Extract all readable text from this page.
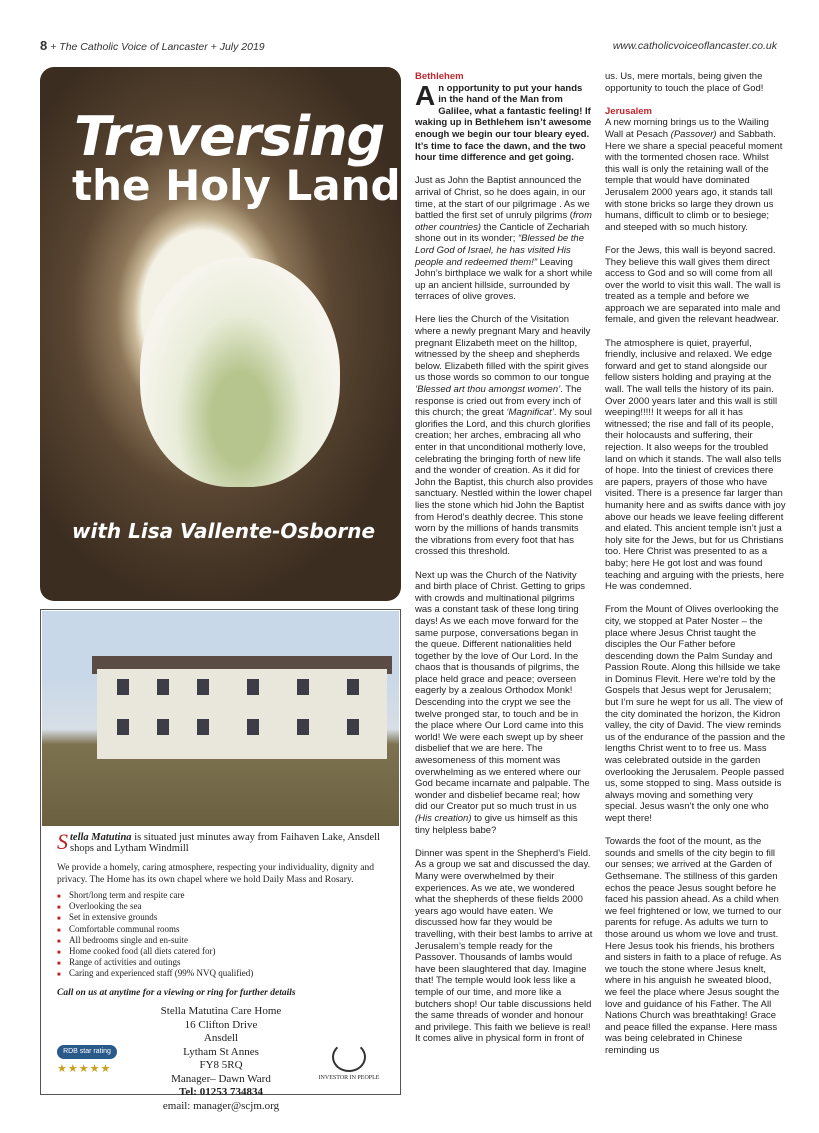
8 + The Catholic Voice of Lancaster + July 2019	www.catholicvoiceoflancaster.co.uk
Traversing
the Holy Land
with Lisa Vallente-Osborne
Stella Matutina is situated just minutes away from Faihaven Lake, Ansdell shops and Lytham Windmill
We provide a homely, caring atmosphere, respecting your individuality, dignity and privacy. The Home has its own chapel where we hold Daily Mass and Rosary.
■ Short/long term and respite care
■ Overlooking the sea
■ Set in extensive grounds
■ Comfortable communal rooms
■ All bedrooms single and en-suite
■ Home cooked food (all diets catered for)
■ Range of activities and outings
■ Caring and experienced staff (99% NVQ qualified)
Call on us at anytime for a viewing or ring for further details
Stella Matutina Care Home
16 Clifton Drive
Ansdell
Lytham St Annes
FY8 5RQ
Manager– Dawn Ward
Tel: 01253 734834
email: manager@scjm.org
RDB star rating
★★★★★
INVESTOR IN PEOPLE
Bethlehem

An opportunity to put your hands in the hand of the Man from Galilee, what a fantastic feeling! If waking up in Bethlehem isn’t awesome enough we begin our tour bleary eyed. It’s time to face the dawn, and the two hour time difference and get going.

Just as John the Baptist announced the arrival of Christ, so he does again, in our time, at the start of our pilgrimage . As we battled the first set of unruly pilgrims (from other countries) the Canticle of Zechariah shone out in its wonder; “Blessed be the Lord God of Israel, he has visited His people and redeemed them!” Leaving John’s birthplace we walk for a short while up an ancient hillside, surrounded by terraces of olive groves.

Here lies the Church of the Visitation where a newly pregnant Mary and heavily pregnant Elizabeth meet on the hilltop, witnessed by the sheep and shepherds below. Elizabeth filled with the spirit gives us those words so common to our tongue ‘Blessed art thou amongst women’. The response is cried out from every inch of this church; the great ‘Magnificat’. My soul glorifies the Lord, and this church glorifies creation; her arches, embracing all who enter in that unconditional motherly love, celebrating the bringing forth of new life and the wonder of creation. As it did for John the Baptist, this church also provides sanctuary. Nestled within the lower chapel lies the stone which hid John the Baptist from Herod’s deathly decree. This stone worn by the millions of hands transmits the vibrations from every foot that has crossed this threshold.

Next up was the Church of the Nativity and birth place of Christ. Getting to grips with crowds and multinational pilgrims was a constant task of these long tiring days! As we each move forward for the same purpose, conversations began in the queue. Different nationalities held together by the love of Our Lord. In the chaos that is thousands of pilgrims, the place held grace and peace; overseen eagerly by a zealous Orthodox Monk! Descending into the crypt we see the twelve pronged star, to touch and be in the place where Our Lord came into this world! We were each swept up by sheer disbelief that we are here. The awesomeness of this moment was overwhelming as we entered where our God became incarnate and palpable. The wonder and disbelief became real; how did our Creator put so much trust in us (His creation) to give us himself as this tiny helpless babe?

Dinner was spent in the Shepherd’s Field. As a group we sat and discussed the day. Many were overwhelmed by their experiences. As we ate, we wondered what the shepherds of these fields 2000 years ago would have eaten. We discussed how far they would be travelling, with their best lambs to arrive at Jerusalem’s temple ready for the Passover. Thousands of lambs would have been slaughtered that day. Imagine that! The temple would look less like a temple of our time, and more like a butchers shop! Our table discussions held the same threads of wonder and honour and privilege. This faith we believe is real! It comes alive in physical form in front of

us. Us, mere mortals, being given the opportunity to touch the place of God!

Jerusalem

A new morning brings us to the Wailing Wall at Pesach (Passover) and Sabbath. Here we share a special peaceful moment with the tormented chosen race. Whilst this wall is only the retaining wall of the temple that would have dominated Jerusalem 2000 years ago, it stands tall with stone bricks so large they drown us humans, difficult to climb or to besiege; and steeped with so much history.

For the Jews, this wall is beyond sacred. They believe this wall gives them direct access to God and so will come from all over the world to visit this wall. The wall is treated as a temple and before we approach we are separated into male and female, and given the relevant headwear.

The atmosphere is quiet, prayerful, friendly, inclusive and relaxed. We edge forward and get to stand alongside our fellow sisters holding and praying at the wall. The wall tells the history of its pain. Over 2000 years later and this wall is still weeping!!!!! It weeps for all it has witnessed; the rise and fall of its people, their holocausts and suffering, their rejection. It also weeps for the troubled land on which it stands. The wall also tells of hope. Into the tiniest of crevices there are papers, prayers of those who have visited. There is a presence far larger than humanity here and as swifts dance with joy above our heads we leave feeling different and elated. This ancient temple isn’t just a holy site for the Jews, but for us Christians too. Here Christ was presented to as a baby; here He got lost and was found teaching and arguing with the priests, here He was condemned.

From the Mount of Olives overlooking the city, we stopped at Pater Noster – the place where Jesus Christ taught the disciples the Our Father before descending down the Palm Sunday and Passion Route. Along this hillside we take in Dominus Flevit. Here we’re told by the Gospels that Jesus wept for Jerusalem; but I’m sure he wept for us all. The view of the city dominated the horizon, the Kidron valley, the city of David. The view reminds us of the endurance of the passion and the lengths Christ went to to free us. Mass was celebrated outside in the garden overlooking the Jerusalem. People passed us, some stopped to sing. Mass outside is always moving and something very special. Jesus wasn’t the only one who wept there!

Towards the foot of the mount, as the sounds and smells of the city begin to fill our senses; we arrived at the Garden of Gethsemane. The stillness of this garden echos the peace Jesus sought before he faced his passion ahead. As a child when we feel frightened or low, we turned to our parents for refuge. As adults we turn to those around us whom we love and trust. Here Jesus took his friends, his brothers and sisters in faith to a place of refuge. As we touch the stone where Jesus knelt, where in his anguish he sweated blood, we feel the place where Jesus sought the love and guidance of his Father. The All Nations Church was breathtaking! Grace and peace filled the expanse. Here mass was being celebrated in Chinese reminding us
